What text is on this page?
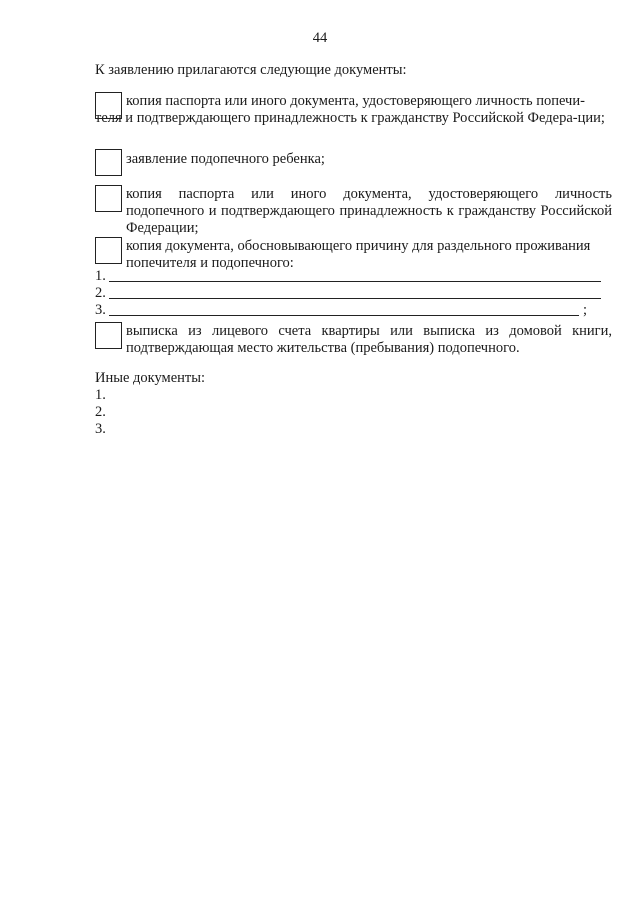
44
К заявлению прилагаются следующие документы:
копия паспорта или иного документа, удостоверяющего личность попечи-
теля и подтверждающего принадлежность к гражданству Российской Федера-ции;
заявление подопечного ребенка;
копия паспорта или иного документа, удостоверяющего личность
подопечного и подтверждающего принадлежность к гражданству Российской Федерации;
копия документа, обосновывающего причину для раздельного проживания
попечителя и подопечного:
1.
2.
3.	;
выписка из лицевого счета квартиры или выписка из домовой книги,
подтверждающая место жительства (пребывания) подопечного.
Иные документы:
1.
2.
3.
